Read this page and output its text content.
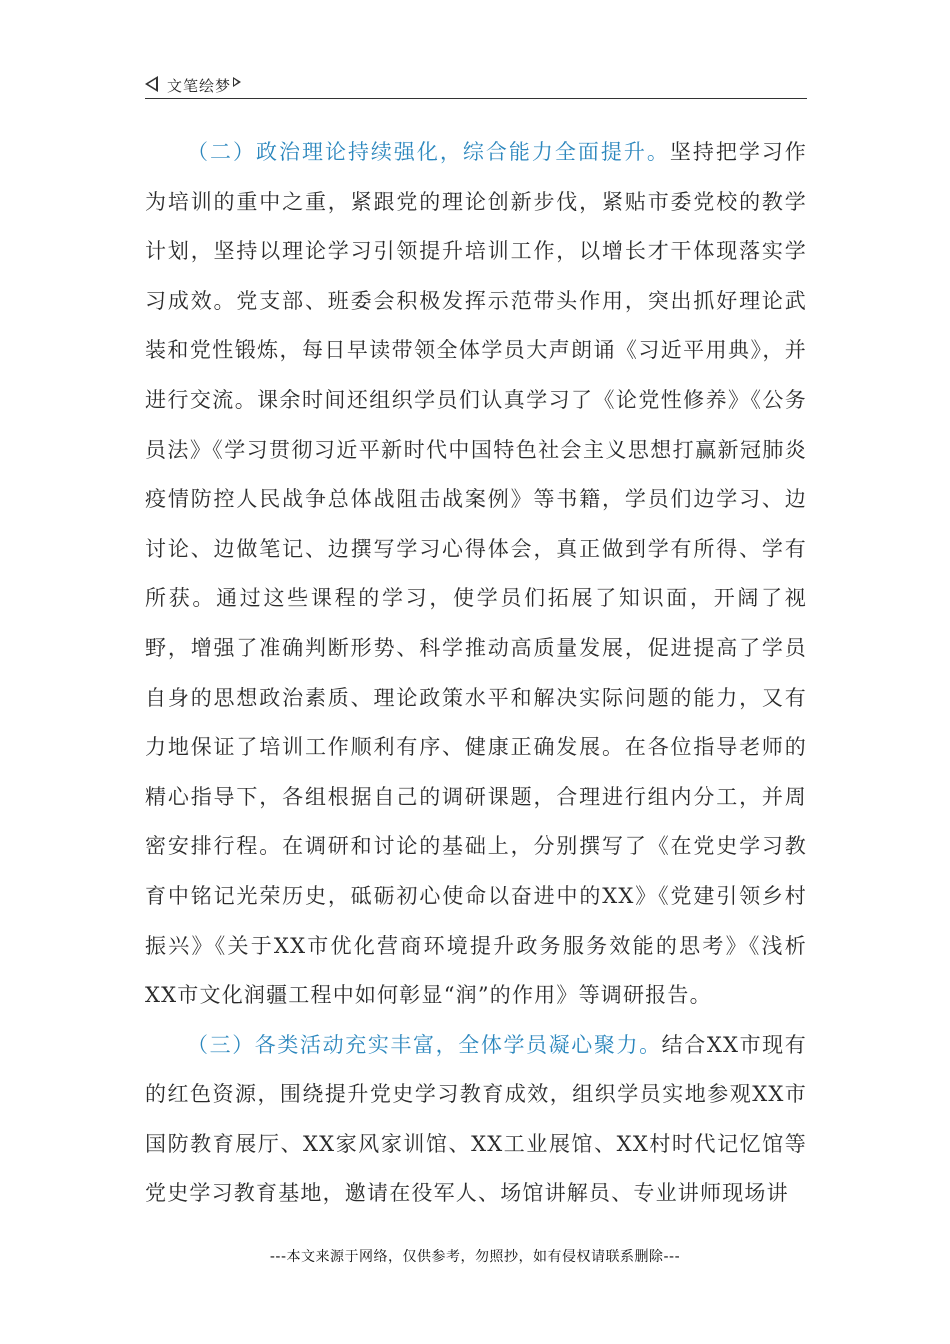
文笔绘梦

（二）政治理论持续强化，综合能力全面提升。坚持把学习作为培训的重中之重，紧跟党的理论创新步伐，紧贴市委党校的教学计划，坚持以理论学习引领提升培训工作，以增长才干体现落实学习成效。党支部、班委会积极发挥示范带头作用，突出抓好理论武装和党性锻炼，每日早读带领全体学员大声朗诵《习近平用典》，并进行交流。课余时间还组织学员们认真学习了《论党性修养》《公务员法》《学习贯彻习近平新时代中国特色社会主义思想打赢新冠肺炎疫情防控人民战争总体战阻击战案例》等书籍，学员们边学习、边讨论、边做笔记、边撰写学习心得体会，真正做到学有所得、学有所获。通过这些课程的学习，使学员们拓展了知识面，开阔了视野，增强了准确判断形势、科学推动高质量发展，促进提高了学员自身的思想政治素质、理论政策水平和解决实际问题的能力，又有力地保证了培训工作顺利有序、健康正确发展。在各位指导老师的精心指导下，各组根据自己的调研课题，合理进行组内分工，并周密安排行程。在调研和讨论的基础上，分别撰写了《在党史学习教育中铭记光荣历史，砥砺初心使命以奋进中的XX》《党建引领乡村振兴》《关于XX市优化营商环境提升政务服务效能的思考》《浅析XX市文化润疆工程中如何彰显“润”的作用》等调研报告。

（三）各类活动充实丰富，全体学员凝心聚力。结合XX市现有的红色资源，围绕提升党史学习教育成效，组织学员实地参观XX市国防教育展厅、XX家风家训馆、XX工业展馆、XX村时代记忆馆等党史学习教育基地，邀请在役军人、场馆讲解员、专业讲师现场讲

---本文来源于网络，仅供参考，勿照抄，如有侵权请联系删除---
